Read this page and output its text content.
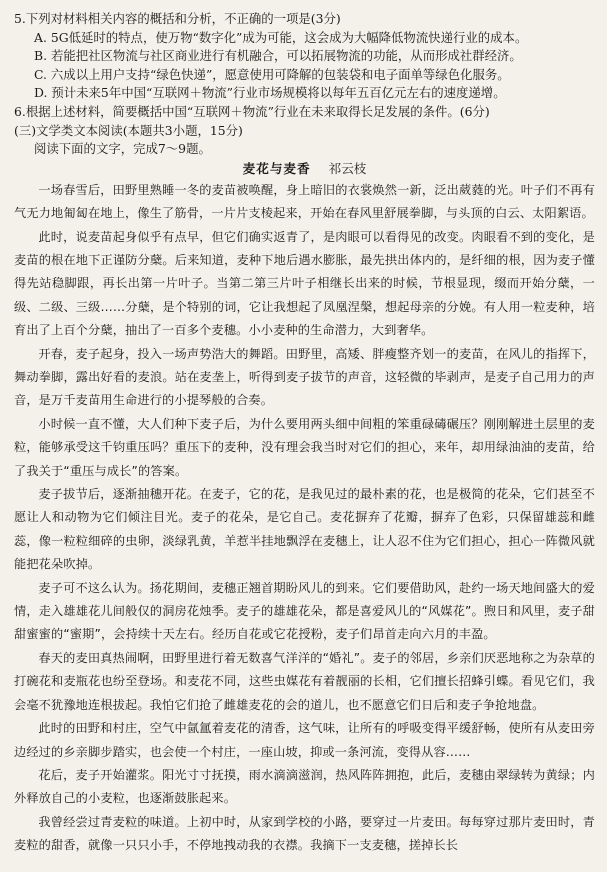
5.下列对材料相关内容的概括和分析，不正确的一项是(3分)

A. 5G低延时的特点，使万物“数字化”成为可能，这会成为大幅降低物流快递行业的成本。

B. 若能把社区物流与社区商业进行有机融合，可以拓展物流的功能，从而形成社群经济。

C. 六成以上用户支持“绿色快递”，愿意使用可降解的包装袋和电子面单等绿色化服务。

D. 预计未来5年中国“互联网＋物流”行业市场规模将以每年五百亿元左右的速度递增。

6.根据上述材料，简要概括中国“互联网＋物流”行业在未来取得长足发展的条件。(6分)

(三)文学类文本阅读(本题共3小题，15分)

阅读下面的文字，完成7～9题。

麦花与麦香 祁云枝

一场春雪后，田野里熟睡一冬的麦苗被唤醒，身上暗旧的衣裳焕然一新，泛出葳蕤的光。叶子们不再有气无力地匍匐在地上，像生了筋骨，一片片支棱起来，开始在春风里舒展拳脚，与头顶的白云、太阳絮语。

此时，说麦苗起身似乎有点早，但它们确实返青了，是肉眼可以看得见的改变。肉眼看不到的变化，是麦苗的根在地下正谨防分蘖。后来知道，麦种下地后遇水膨胀，最先拱出体内的，是纤细的根，因为麦子懂得先站稳脚跟，再长出第一片叶子。当第二第三片叶子相继长出来的时候，节根显现，缀而开始分蘖，一级、二级、三级……分蘖，是个特别的词，它让我想起了凤凰涅槃，想起母亲的分娩。有人用一粒麦种，培育出了上百个分蘖，抽出了一百多个麦穗。小小麦种的生命潜力，大到奢华。

开春，麦子起身，投入一场声势浩大的舞蹈。田野里，高矮、胖瘦整齐划一的麦苗，在风儿的指挥下，舞动拳脚，露出好看的麦浪。站在麦垄上，听得到麦子拔节的声音，这轻微的毕剥声，是麦子自己用力的声音，是万千麦苗用生命进行的小提琴般的合奏。

小时候一直不懂，大人们种下麦子后，为什么要用两头细中间粗的笨重碌碡碾压？刚刚解进土层里的麦粒，能够承受这千钧重压吗？重压下的麦种，没有理会我当时对它们的担心，来年，却用绿油油的麦苗，给了我关于“重压与成长”的答案。

麦子拔节后，逐渐抽穗开花。在麦子，它的花，是我见过的最朴素的花，也是极简的花朵，它们甚至不愿让人和动物为它们倾注目光。麦子的花朵，是它自己。麦花摒弃了花瓣，摒弃了色彩，只保留雄蕊和雌蕊，像一粒粒细碎的虫卵，淡绿乳黄，羊惹半挂地飘浮在麦穗上，让人忍不住为它们担心，担心一阵微风就能把花朵吹掉。

麦子可不这么认为。扬花期间，麦穗正翘首期盼风儿的到来。它们要借助风，赴约一场天地间盛大的爱情，走入雄雄花儿间般仅的洞房花烛季。麦子的雄雄花朵，都是喜爱风儿的“风媒花”。煦日和风里，麦子甜甜蜜蜜的“蜜期”，会持续十天左右。经历自花或它花授粉，麦子们昂首走向六月的丰盈。

春天的麦田真热闹啊，田野里进行着无数喜气洋洋的“婚礼”。麦子的邻居，乡亲们厌恶地称之为杂草的打碗花和麦瓶花也纷至登场。和麦花不同，这些虫媒花有着靓丽的长相，它们擅长招蜂引蝶。看见它们，我会毫不犹豫地连根拔起。我怕它们抢了雌雄麦花的会的道儿，也不愿意它们日后和麦子争抢地盘。

此时的田野和村庄，空气中氤氲着麦花的清香，这气味，让所有的呼吸变得平缓舒畅，使所有从麦田旁边经过的乡亲脚步踏实，也会使一个村庄，一座山坡，抑或一条河流，变得从容……

花后，麦子开始灌浆。阳光寸寸抚摸，雨水滴滴滋润，热风阵阵拥抱，此后，麦穗由翠绿转为黄绿；内外释放自己的小麦粒，也逐渐鼓胀起来。

我曾经尝过青麦粒的味道。上初中时，从家到学校的小路，要穿过一片麦田。每每穿过那片麦田时，青麦粒的甜香，就像一只只小手，不停地拽动我的衣襟。我摘下一支麦穗，搓掉长长
